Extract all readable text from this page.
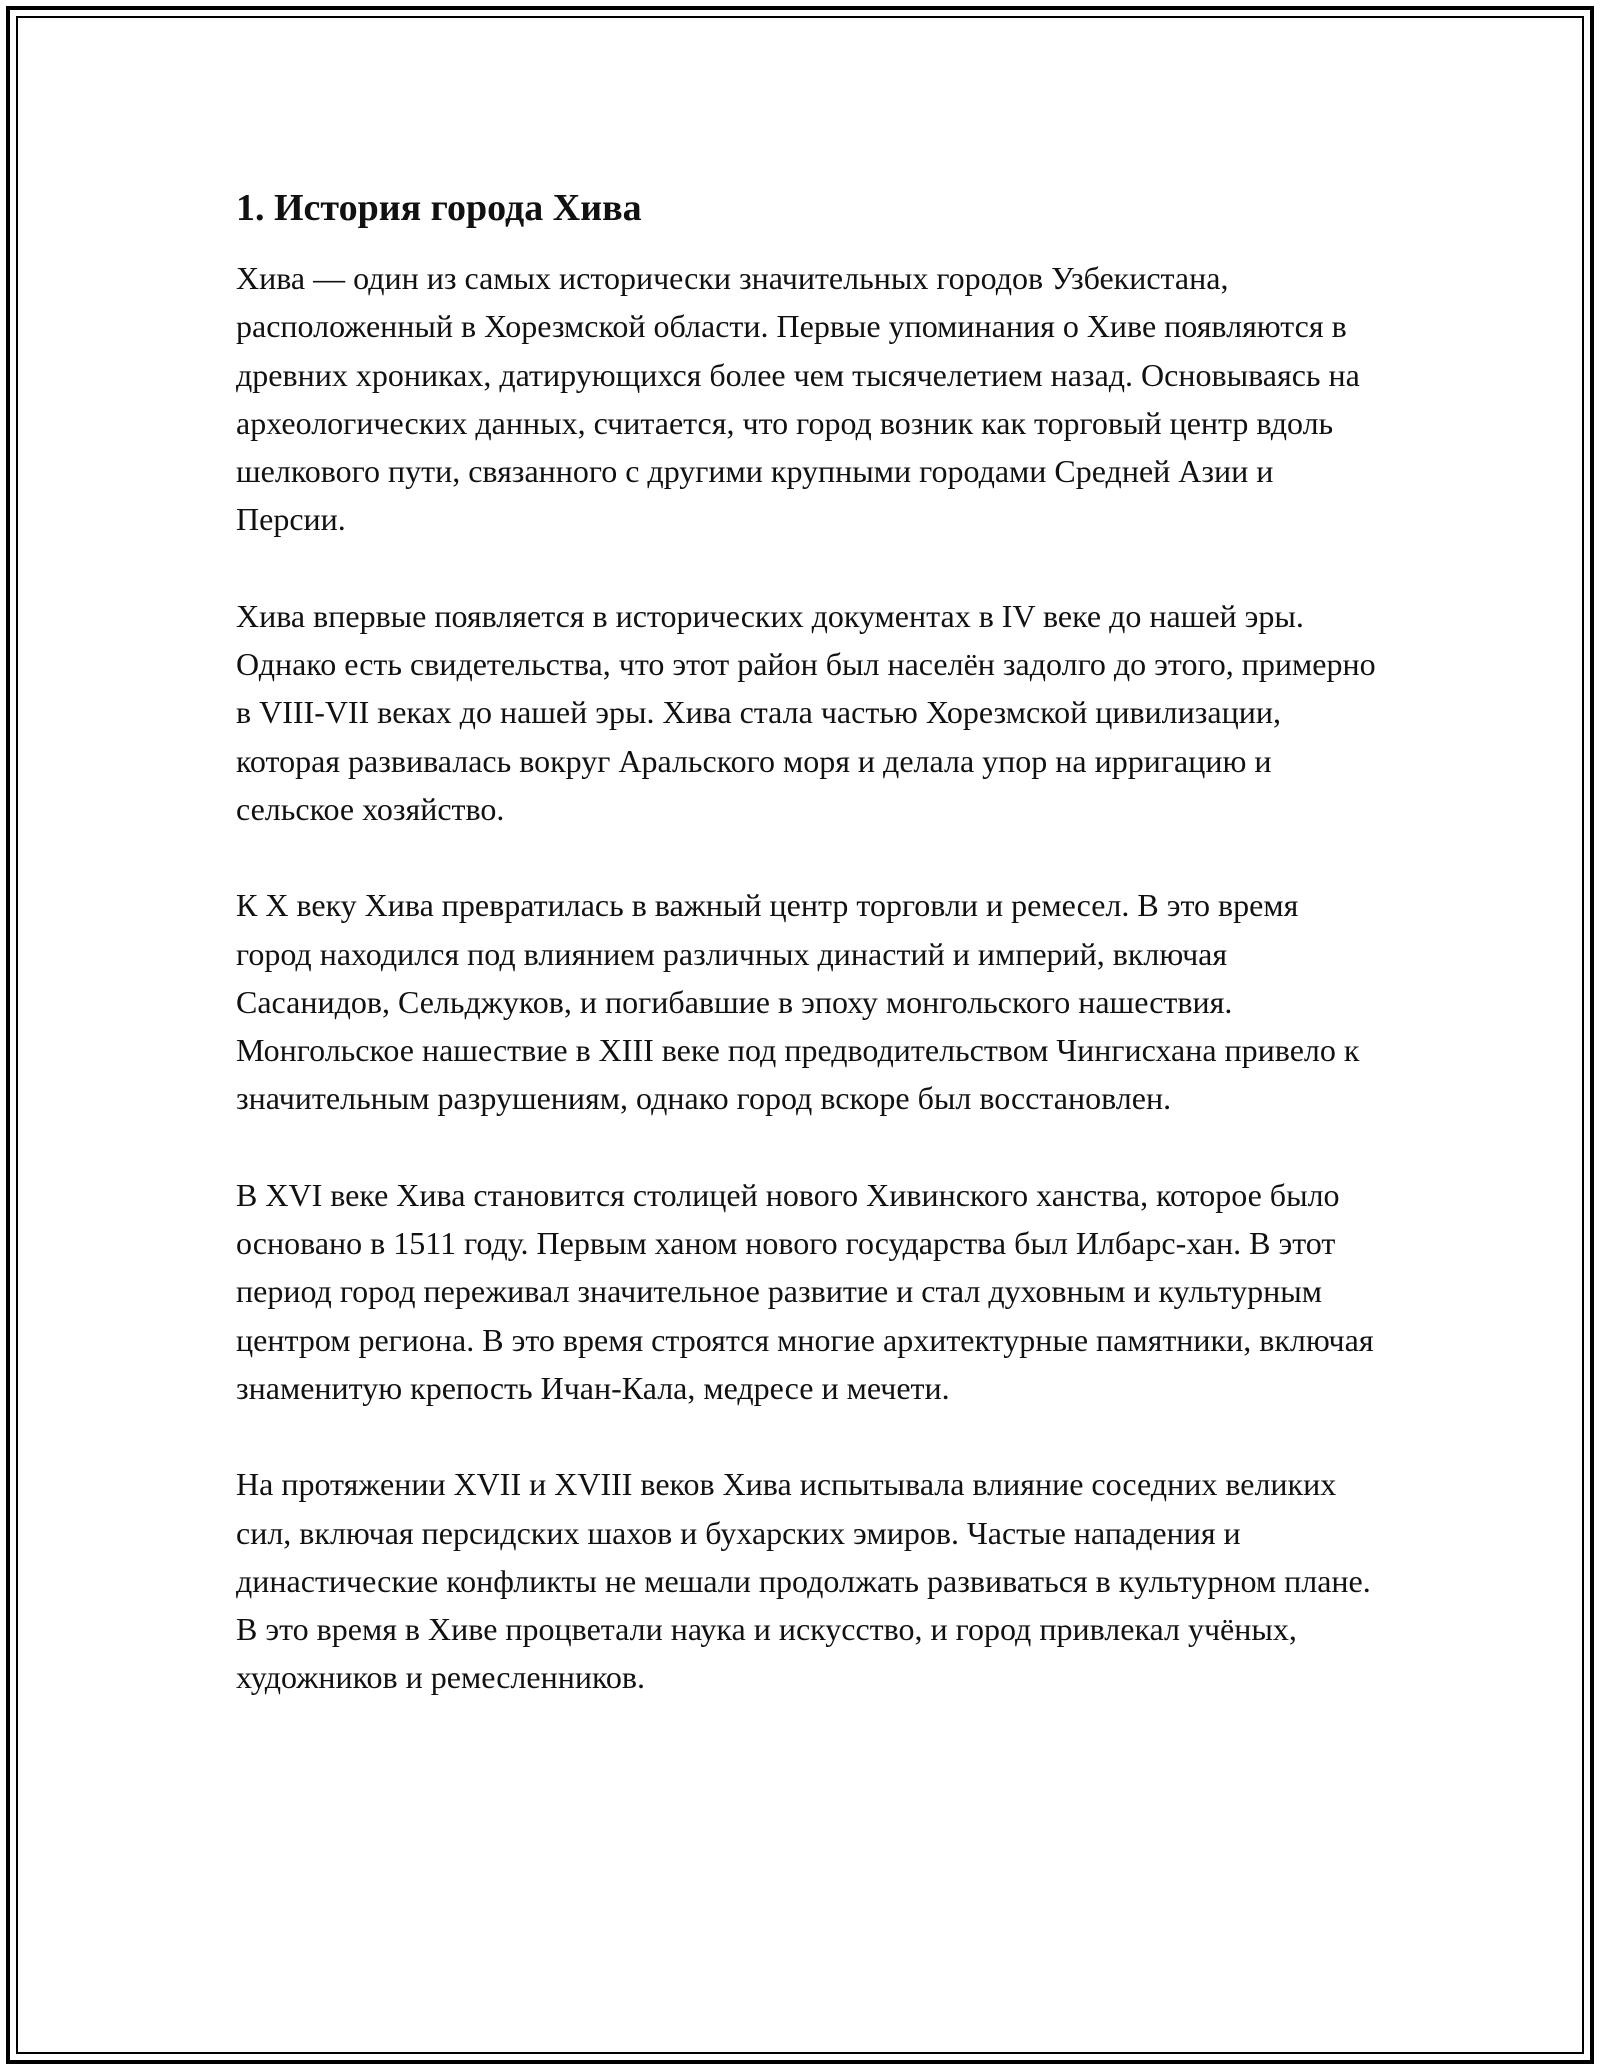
1. История города Хива

Хива — один из самых исторически значительных городов Узбекистана, расположенный в Хорезмской области. Первые упоминания о Хиве появляются в древних хрониках, датирующихся более чем тысячелетием назад. Основываясь на археологических данных, считается, что город возник как торговый центр вдоль шелкового пути, связанного с другими крупными городами Средней Азии и Персии.

Хива впервые появляется в исторических документах в IV веке до нашей эры. Однако есть свидетельства, что этот район был населён задолго до этого, примерно в VIII-VII веках до нашей эры. Хива стала частью Хорезмской цивилизации, которая развивалась вокруг Аральского моря и делала упор на ирригацию и сельское хозяйство.

К X веку Хива превратилась в важный центр торговли и ремесел. В это время город находился под влиянием различных династий и империй, включая Сасанидов, Сельджуков, и погибавшие в эпоху монгольского нашествия. Монгольское нашествие в XIII веке под предводительством Чингисхана привело к значительным разрушениям, однако город вскоре был восстановлен.

В XVI веке Хива становится столицей нового Хивинского ханства, которое было основано в 1511 году. Первым ханом нового государства был Илбарс-хан. В этот период город переживал значительное развитие и стал духовным и культурным центром региона. В это время строятся многие архитектурные памятники, включая знаменитую крепость Ичан-Кала, медресе и мечети.

На протяжении XVII и XVIII веков Хива испытывала влияние соседних великих сил, включая персидских шахов и бухарских эмиров. Частые нападения и династические конфликты не мешали продолжать развиваться в культурном плане. В это время в Хиве процветали наука и искусство, и город привлекал учёных, художников и ремесленников.
